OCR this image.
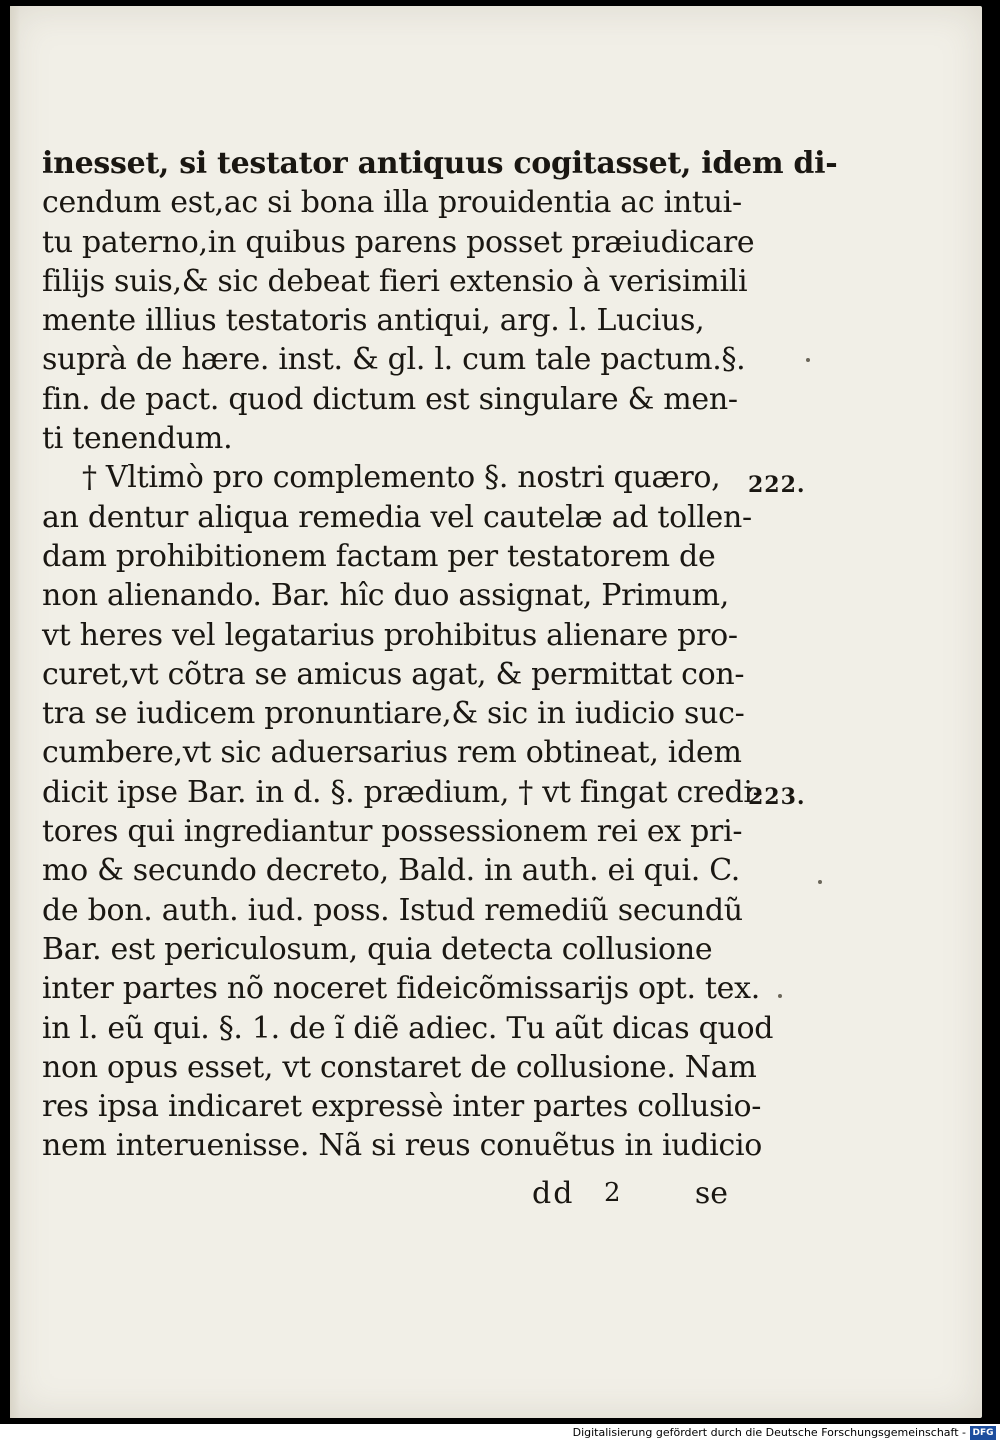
inesset, si testator antiquus cogitasset, idem di-
cendum est,ac si bona illa prouidentia ac intui-
tu paterno,in quibus parens posset præiudicare
filijs suis,& sic debeat fieri extensio à verisimili
mente illius testatoris antiqui, arg. l. Lucius,
suprà de hære. inst. & gl. l. cum tale pactum.§.
fin. de pact. quod dictum est singulare & men-
ti tenendum.
† Vltimò pro complemento §. nostri quæro,
an dentur aliqua remedia vel cautelæ ad tollen-
dam prohibitionem factam per testatorem de
non alienando. Bar. hîc duo assignat, Primum,
vt heres vel legatarius prohibitus alienare pro-
curet,vt cõtra se amicus agat, & permittat con-
tra se iudicem pronuntiare,& sic in iudicio suc-
cumbere,vt sic aduersarius rem obtineat, idem
dicit ipse Bar. in d. §. prædium, † vt fingat credi-
tores qui ingrediantur possessionem rei ex pri-
mo & secundo decreto, Bald. in auth. ei qui. C.
de bon. auth. iud. poss. Istud remediũ secundũ
Bar. est periculosum, quia detecta collusione
inter partes nõ noceret fideicõmissarijs opt. tex.
in l. eũ qui. §. 1. de ĩ diẽ adiec. Tu aũt dicas quod
non opus esset, vt constaret de collusione. Nam
res ipsa indicaret expressè inter partes collusio-
nem interuenisse. Nã si reus conuẽtus in iudicio
222.
223.
dd 2 se
Digitalisierung gefördert durch die Deutsche Forschungsgemeinschaft - DFG
